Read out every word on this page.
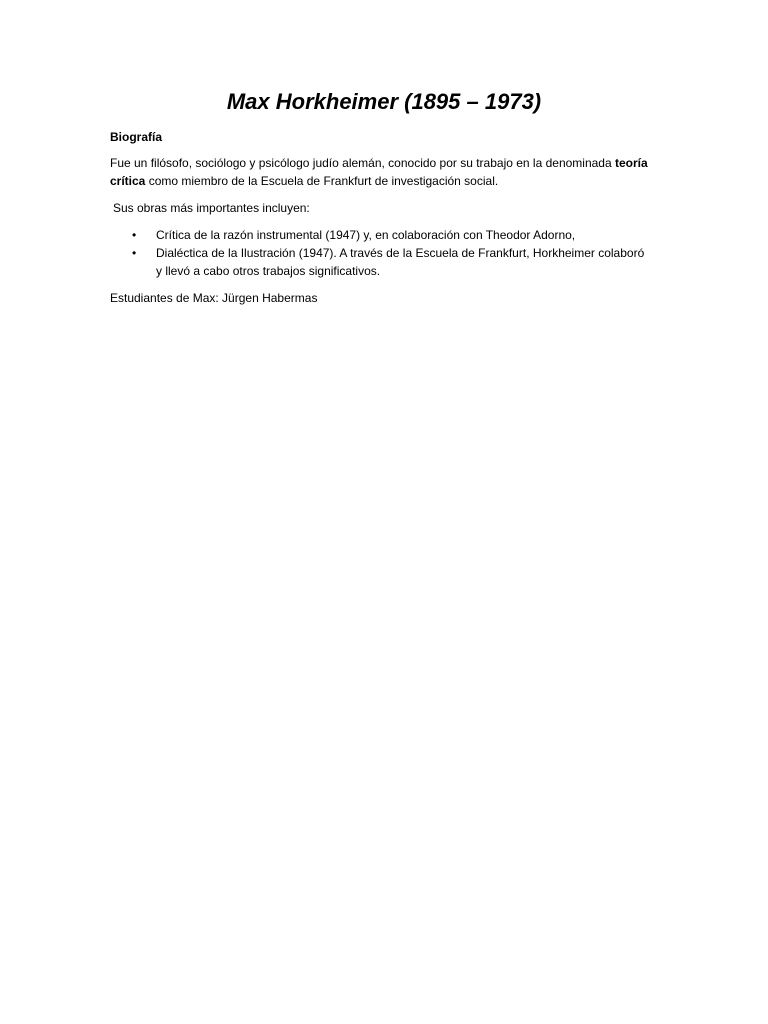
Max Horkheimer (1895 – 1973)

Biografía

Fue un filósofo, sociólogo y psicólogo judío alemán, conocido por su trabajo en la denominada teoría crítica como miembro de la Escuela de Frankfurt de investigación social.

Sus obras más importantes incluyen:

• Crítica de la razón instrumental (1947) y, en colaboración con Theodor Adorno,
• Dialéctica de la Ilustración (1947). A través de la Escuela de Frankfurt, Horkheimer colaboró y llevó a cabo otros trabajos significativos.

Estudiantes de Max: Jürgen Habermas
